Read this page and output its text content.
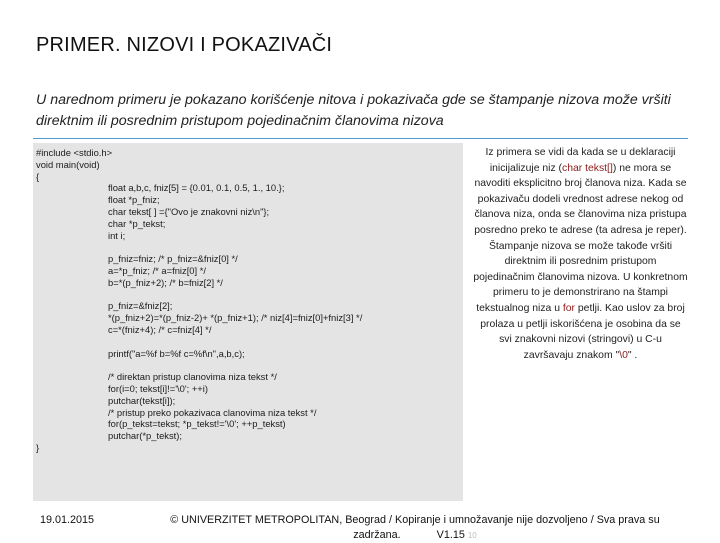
PRIMER. NIZOVI I POKAZIVAČI
U narednom primeru je pokazano korišćenje nitova i pokazivača gde se štampanje nizova može vršiti direktnim ili posrednim pristupom pojedinačnim članovima nizova
#include <stdio.h>
void main(void)
{
float a,b,c, fniz[5] = {0.01, 0.1, 0.5, 1., 10.};
float *p_fniz;
char tekst[ ] ={"Ovo je znakovni niz\n"};
char *p_tekst;
int i;
p_fniz=fniz; /* p_fniz=&fniz[0] */
a=*p_fniz; /* a=fniz[0] */
b=*(p_fniz+2); /* b=fniz[2] */
p_fniz=&fniz[2];
*(p_fniz+2)=*(p_fniz-2)+ *(p_fniz+1); /* niz[4]=fniz[0]+fniz[3] */
c=*(fniz+4); /* c=fniz[4] */
printf("a=%f b=%f c=%f\n",a,b,c);
/* direktan pristup clanovima niza tekst */
for(i=0; tekst[i]!='\0'; ++i)
putchar(tekst[i]);
/* pristup preko pokazivaca clanovima niza tekst */
for(p_tekst=tekst; *p_tekst!='\0'; ++p_tekst)
putchar(*p_tekst);
}
Iz primera se vidi da kada se u deklaraciji inicijalizuje niz (char tekst[]) ne mora se navoditi eksplicitno broj članova niza. Kada se pokazivaču dodeli vrednost adrese nekog od članova niza, onda se članovima niza pristupa posredno preko te adrese (ta adresa je reper). Štampanje nizova se može takođe vršiti direktnim ili posrednim pristupom pojedinačnim članovima nizova. U konkretnom primeru to je demonstrirano na štampi tekstualnog niza u for petlji. Kao uslov za broj prolaza u petlji iskorišćena je osobina da se svi znakovni nizovi (stringovi) u C-u završavaju znakom "\0" .
19.01.2015	© UNIVERZITET METROPOLITAN, Beograd / Kopiranje i umnožavanje nije dozvoljeno / Sva prava su zadržana.	V1.15 10
